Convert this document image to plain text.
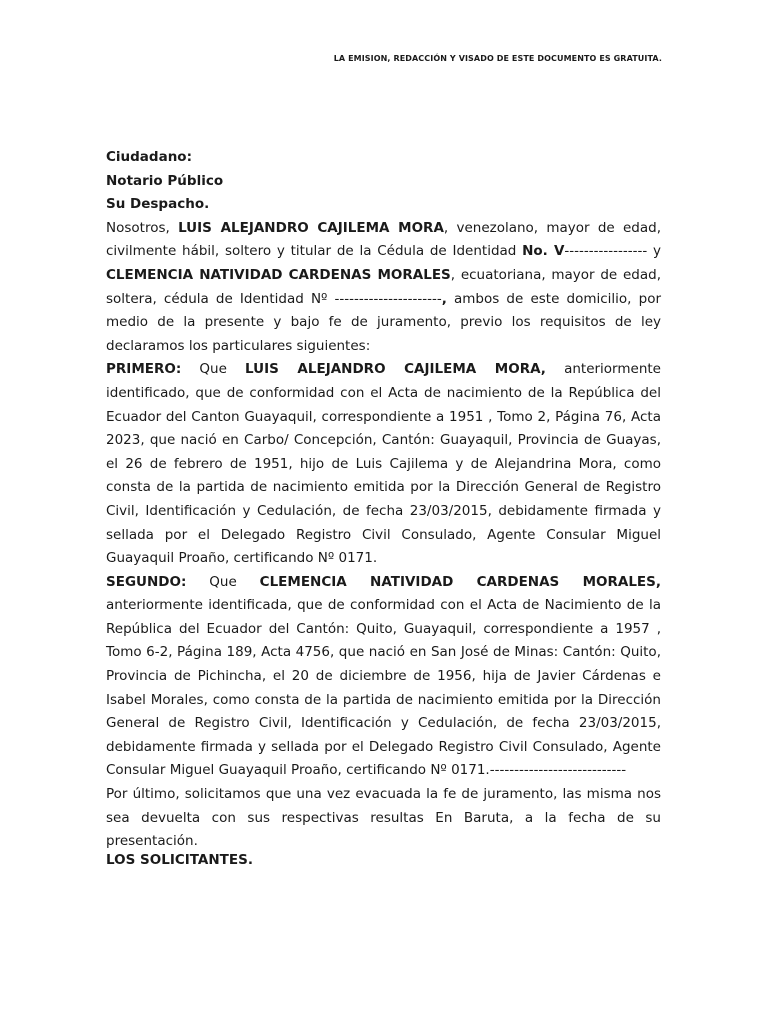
LA EMISION, REDACCIÓN Y VISADO DE ESTE DOCUMENTO ES GRATUITA.

Ciudadano:

Notario Público

Su Despacho.

Nosotros, LUIS ALEJANDRO CAJILEMA MORA, venezolano, mayor de edad, civilmente hábil, soltero y titular de la Cédula de Identidad No. V----------------- y CLEMENCIA NATIVIDAD CARDENAS MORALES, ecuatoriana, mayor de edad, soltera, cédula de Identidad Nº ----------------------, ambos de este domicilio, por medio de la presente y bajo fe de juramento, previo los requisitos de ley declaramos los particulares siguientes:

PRIMERO: Que LUIS ALEJANDRO CAJILEMA MORA, anteriormente identificado, que de conformidad con el Acta de nacimiento de la República del Ecuador del Canton Guayaquil, correspondiente a 1951 , Tomo 2, Página 76, Acta 2023, que nació en Carbo/ Concepción, Cantón: Guayaquil, Provincia de Guayas, el 26 de febrero de 1951, hijo de Luis Cajilema y de Alejandrina Mora, como consta de la partida de nacimiento emitida por la Dirección General de Registro Civil, Identificación y Cedulación, de fecha 23/03/2015, debidamente firmada y sellada por el Delegado Registro Civil Consulado, Agente Consular Miguel Guayaquil Proaño, certificando Nº 0171.

SEGUNDO: Que CLEMENCIA NATIVIDAD CARDENAS MORALES, anteriormente identificada, que de conformidad con el Acta de Nacimiento de la República del Ecuador del Cantón: Quito, Guayaquil, correspondiente a 1957 , Tomo 6-2, Página 189, Acta 4756, que nació en San José de Minas: Cantón: Quito, Provincia de Pichincha, el 20 de diciembre de 1956, hija de Javier Cárdenas e Isabel Morales, como consta de la partida de nacimiento emitida por la Dirección General de Registro Civil, Identificación y Cedulación, de fecha 23/03/2015, debidamente firmada y sellada por el Delegado Registro Civil Consulado, Agente Consular Miguel Guayaquil Proaño, certificando Nº 0171.----------------------------

Por último, solicitamos que una vez evacuada la fe de juramento, las misma nos sea devuelta con sus respectivas resultas En Baruta, a la fecha de su presentación.

LOS SOLICITANTES.
